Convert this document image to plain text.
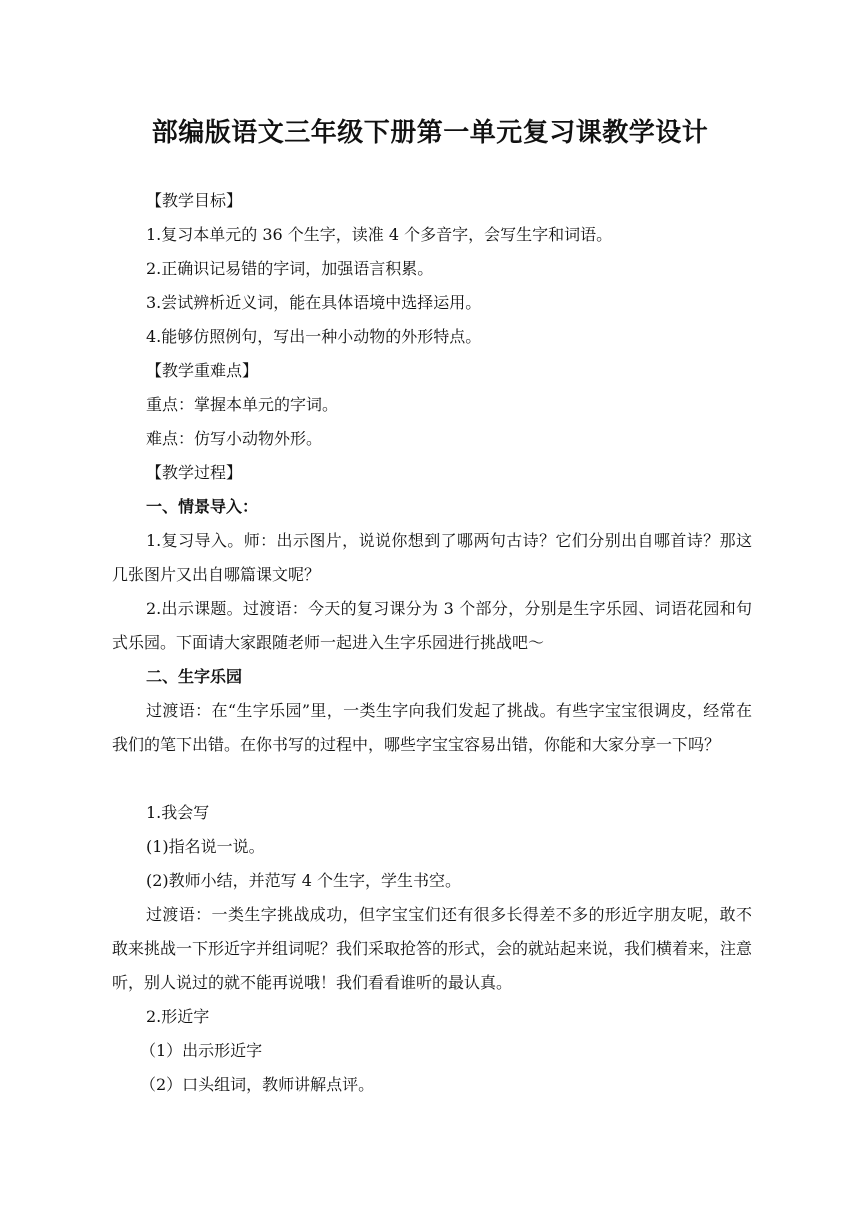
部编版语文三年级下册第一单元复习课教学设计
【教学目标】
1.复习本单元的 36 个生字，读准 4 个多音字，会写生字和词语。
2.正确识记易错的字词，加强语言积累。
3.尝试辨析近义词，能在具体语境中选择运用。
4.能够仿照例句，写出一种小动物的外形特点。
【教学重难点】
重点：掌握本单元的字词。
难点：仿写小动物外形。
【教学过程】
一、情景导入：
1.复习导入。师：出示图片，说说你想到了哪两句古诗？它们分别出自哪首诗？那这几张图片又出自哪篇课文呢？
2.出示课题。过渡语：今天的复习课分为 3 个部分，分别是生字乐园、词语花园和句式乐园。下面请大家跟随老师一起进入生字乐园进行挑战吧～
二、生字乐园
过渡语：在“生字乐园”里，一类生字向我们发起了挑战。有些字宝宝很调皮，经常在我们的笔下出错。在你书写的过程中，哪些字宝宝容易出错，你能和大家分享一下吗？
1.我会写
(1)指名说一说。
(2)教师小结，并范写 4 个生字，学生书空。
过渡语：一类生字挑战成功，但字宝宝们还有很多长得差不多的形近字朋友呢，敢不敢来挑战一下形近字并组词呢？我们采取抢答的形式，会的就站起来说，我们横着来，注意听，别人说过的就不能再说哦！我们看看谁听的最认真。
2.形近字
（1）出示形近字
（2）口头组词，教师讲解点评。
